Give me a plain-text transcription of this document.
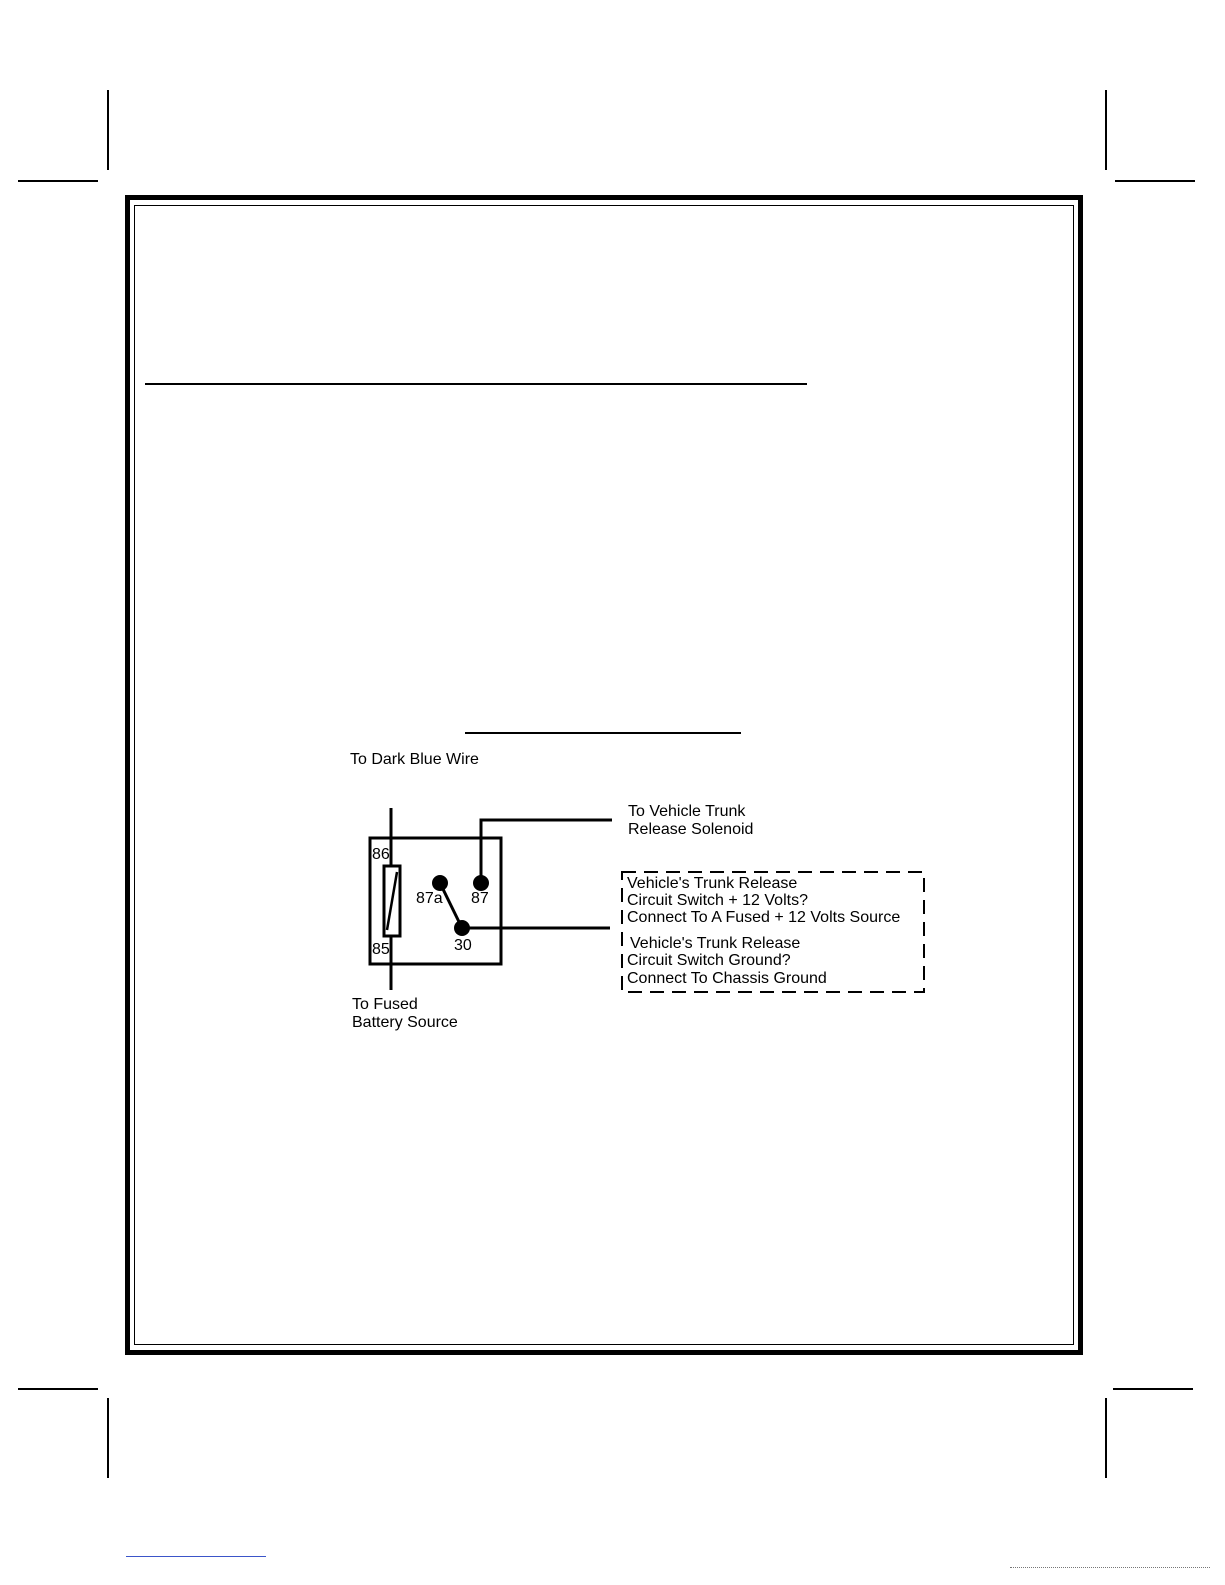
To Dark Blue Wire
To Vehicle Trunk
Release Solenoid
86
85
87a 87
30
To Fused
Battery Source
Vehicle's Trunk Release
Circuit Switch + 12 Volts?
Connect To A Fused + 12 Volts Source
Vehicle's Trunk Release
Circuit Switch Ground?
Connect To Chassis Ground
